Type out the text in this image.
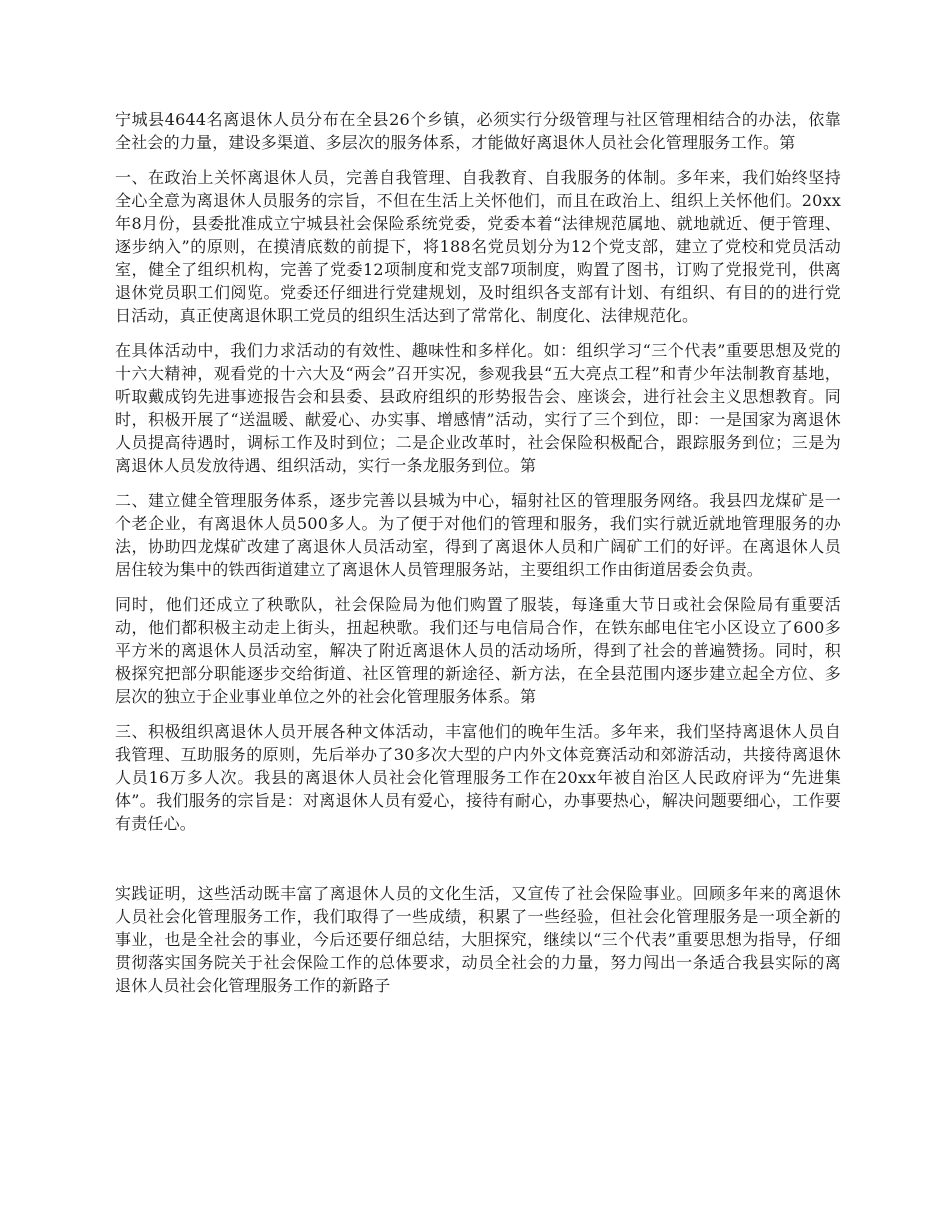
宁城县4644名离退休人员分布在全县26个乡镇，必须实行分级管理与社区管理相结合的办法，依靠全社会的力量，建设多渠道、多层次的服务体系，才能做好离退休人员社会化管理服务工作。第

一、在政治上关怀离退休人员，完善自我管理、自我教育、自我服务的体制。多年来，我们始终坚持全心全意为离退休人员服务的宗旨，不但在生活上关怀他们，而且在政治上、组织上关怀他们。20xx年8月份，县委批准成立宁城县社会保险系统党委，党委本着“法律规范属地、就地就近、便于管理、逐步纳入”的原则，在摸清底数的前提下，将188名党员划分为12个党支部，建立了党校和党员活动室，健全了组织机构，完善了党委12项制度和党支部7项制度，购置了图书，订购了党报党刊，供离退休党员职工们阅览。党委还仔细进行党建规划，及时组织各支部有计划、有组织、有目的的进行党日活动，真正使离退休职工党员的组织生活达到了常常化、制度化、法律规范化。

在具体活动中，我们力求活动的有效性、趣味性和多样化。如：组织学习“三个代表”重要思想及党的十六大精神，观看党的十六大及“两会”召开实况，参观我县“五大亮点工程”和青少年法制教育基地，听取戴成钧先进事迹报告会和县委、县政府组织的形势报告会、座谈会，进行社会主义思想教育。同时，积极开展了“送温暖、献爱心、办实事、增感情”活动，实行了三个到位，即：一是国家为离退休人员提高待遇时，调标工作及时到位；二是企业改革时，社会保险积极配合，跟踪服务到位；三是为离退休人员发放待遇、组织活动，实行一条龙服务到位。第

二、建立健全管理服务体系，逐步完善以县城为中心，辐射社区的管理服务网络。我县四龙煤矿是一个老企业，有离退休人员500多人。为了便于对他们的管理和服务，我们实行就近就地管理服务的办法，协助四龙煤矿改建了离退休人员活动室，得到了离退休人员和广阔矿工们的好评。在离退休人员居住较为集中的铁西街道建立了离退休人员管理服务站，主要组织工作由街道居委会负责。

同时，他们还成立了秧歌队，社会保险局为他们购置了服装，每逢重大节日或社会保险局有重要活动，他们都积极主动走上街头，扭起秧歌。我们还与电信局合作，在铁东邮电住宅小区设立了600多平方米的离退休人员活动室，解决了附近离退休人员的活动场所，得到了社会的普遍赞扬。同时，积极探究把部分职能逐步交给街道、社区管理的新途径、新方法，在全县范围内逐步建立起全方位、多层次的独立于企业事业单位之外的社会化管理服务体系。第

三、积极组织离退休人员开展各种文体活动，丰富他们的晚年生活。多年来，我们坚持离退休人员自我管理、互助服务的原则，先后举办了30多次大型的户内外文体竞赛活动和郊游活动，共接待离退休人员16万多人次。我县的离退休人员社会化管理服务工作在20xx年被自治区人民政府评为“先进集体”。我们服务的宗旨是：对离退休人员有爱心，接待有耐心，办事要热心，解决问题要细心，工作要有责任心。

实践证明，这些活动既丰富了离退休人员的文化生活，又宣传了社会保险事业。回顾多年来的离退休人员社会化管理服务工作，我们取得了一些成绩，积累了一些经验，但社会化管理服务是一项全新的事业，也是全社会的事业，今后还要仔细总结，大胆探究，继续以“三个代表”重要思想为指导，仔细贯彻落实国务院关于社会保险工作的总体要求，动员全社会的力量，努力闯出一条适合我县实际的离退休人员社会化管理服务工作的新路子
